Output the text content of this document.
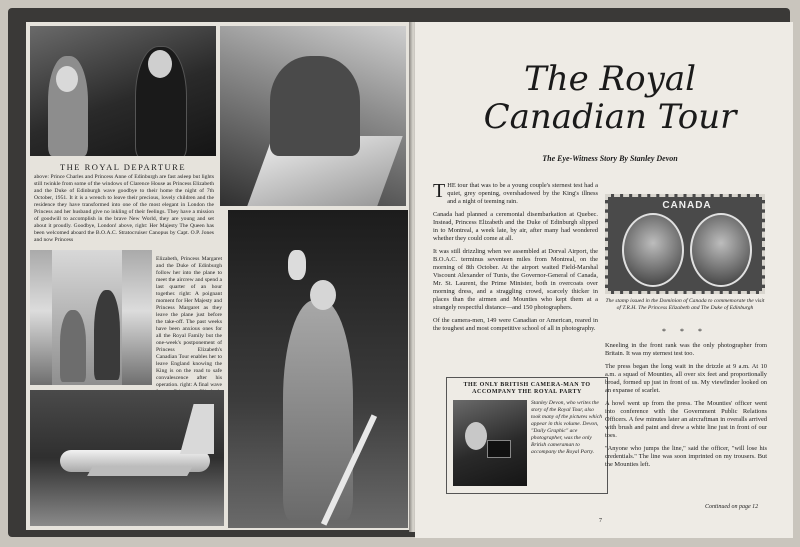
THE ROYAL DEPARTURE
above: Prince Charles and Princess Anne of Edinburgh are fast asleep but lights still twinkle from some of the windows of Clarence House as Princess Elizabeth and the Duke of Edinburgh wave goodbye to their home the night of 7th October, 1951. It it is a wrench to leave their precious, lovely children and the residence they have transformed into one of the most elegant in London the Princess and her husband give no inkling of their feelings. They have a mission of goodwill to accomplish in the brave New World, they are young and set about it proudly. Goodbye, London! above, right: Her Majesty The Queen has been welcomed aboard the B.O.A.C. Stratocruiser Canopus by Capt. O.P. Jones and now Princess
Elizabeth, Princess Margaret and the Duke of Edinburgh follow her into the plane to meet the aircrew and spend a last quarter of an hour together. right: A poignant moment for Her Majesty and Princess Margaret as they leave the plane just before the take-off. The past weeks have been anxious ones for all the Royal Family but the one-week's postponement of Princess Elizabeth's Canadian Tour enables her to leave England knowing the King is on the road to safe convalescence after his operation. right: A final wave
The Royal
Canadian Tour
The Eye-Witness Story By Stanley Devon

THE tour that was to be a young couple's sternest test had a quiet, grey opening, overshadowed by the King's illness and a night of teeming rain.

Canada had planned a ceremonial disembarkation at Quebec. Instead, Princess Elizabeth and the Duke of Edinburgh slipped in to Montreal, a week late, by air, after many had wondered whether they could come at all.

It was still drizzling when we assembled at Dorval Airport, the B.O.A.C. terminus seventeen miles from Montreal, on the morning of 8th October. At the airport waited Field-Marshal Viscount Alexander of Tunis, the Governor-General of Canada, Mr. St. Laurent, the Prime Minister, both in overcoats over morning dress, and a straggling crowd, scarcely thicker in places than the airmen and Mounties who kept them at a strangely respectful distance—and 150 photographers.

Of the camera-men, 149 were Canadian or American, reared in the toughest and most competitive school of all in photography.

THE ONLY BRITISH CAMERA-MAN TO ACCOMPANY THE ROYAL PARTY
Stanley Devon, who writes the story of the Royal Tour, also took many of the pictures which appear in this volume. Devon, "Daily Graphic" ace photographer, was the only British cameraman to accompany the Royal Party.
CANADA
The stamp issued in the Dominion of Canada to commemorate the visit of T.R.H. The Princess Elizabeth and The Duke of Edinburgh
* * *

Kneeling in the front rank was the only photographer from Britain. It was my sternest test too.

The press began the long wait in the drizzle at 9 a.m. At 10 a.m. a squad of Mounties, all over six feet and proportionally broad, formed up just in front of us. My viewfinder looked on an expanse of scarlet.

A howl went up from the press. The Mounties' officer went into conference with the Government Public Relations Officers. A few minutes later an aircraftman in overalls arrived with brush and paint and drew a white line just in front of our toes.

"Anyone who jumps the line," said the officer, "will lose his credentials." The line was soon imprinted on my trousers. But the Mounties left.

Continued on page 12
7
